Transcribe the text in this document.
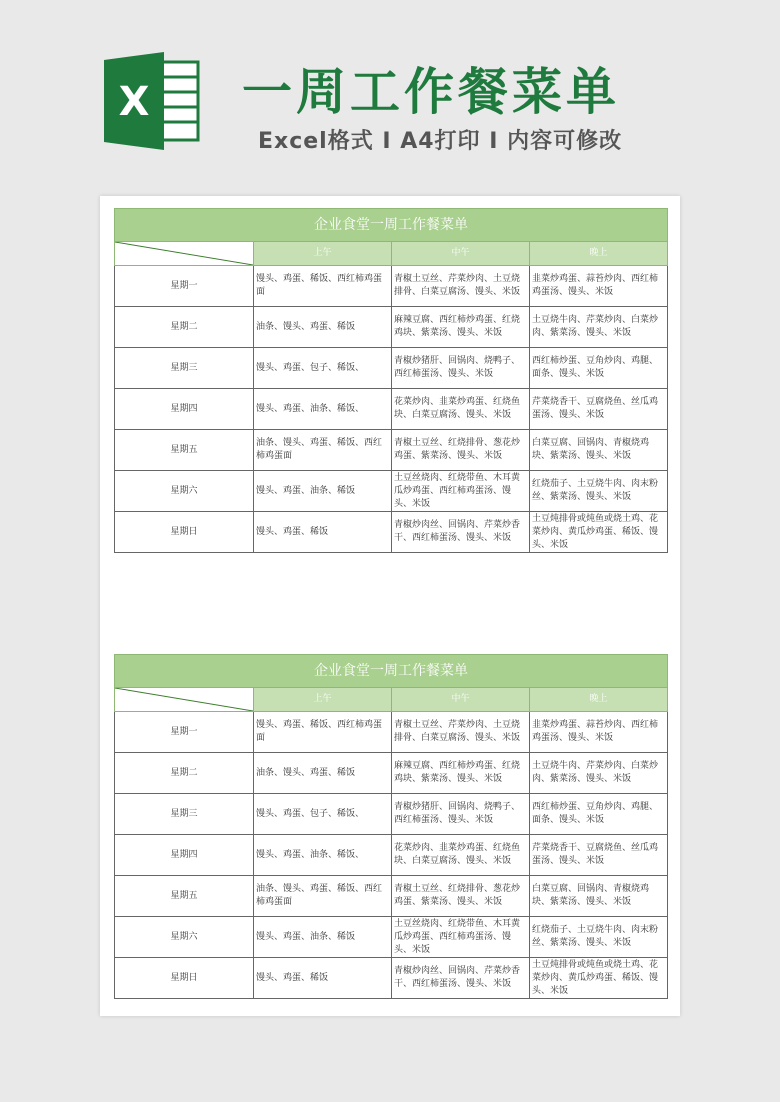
X 一周工作餐菜单
Excel格式 I A4打印 I 内容可修改
企业食堂一周工作餐菜单			

	上午	中午	晚上
星期一	馒头、鸡蛋、稀饭、西红柿鸡蛋面	青椒土豆丝、芹菜炒肉、土豆烧排骨、白菜豆腐汤、馒头、米饭	韭菜炒鸡蛋、蒜苔炒肉、西红柿鸡蛋汤、馒头、米饭
星期二	油条、馒头、鸡蛋、稀饭	麻辣豆腐、西红柿炒鸡蛋、红烧鸡块、紫菜汤、馒头、米饭	土豆烧牛肉、芹菜炒肉、白菜炒肉、紫菜汤、馒头、米饭
星期三	馒头、鸡蛋、包子、稀饭、	青椒炒猪肝、回锅肉、烧鸭子、西红柿蛋汤、馒头、米饭	西红柿炒蛋、豆角炒肉、鸡腿、面条、馒头、米饭
星期四	馒头、鸡蛋、油条、稀饭、	花菜炒肉、韭菜炒鸡蛋、红烧鱼块、白菜豆腐汤、馒头、米饭	芹菜烧香干、豆腐烧鱼、丝瓜鸡蛋汤、馒头、米饭
星期五	油条、馒头、鸡蛋、稀饭、西红柿鸡蛋面	青椒土豆丝、红烧排骨、葱花炒鸡蛋、紫菜汤、馒头、米饭	白菜豆腐、回锅肉、青椒烧鸡块、紫菜汤、馒头、米饭
星期六	馒头、鸡蛋、油条、稀饭	土豆丝烧肉、红烧带鱼、木耳黄瓜炒鸡蛋、西红柿鸡蛋汤、馒头、米饭	红烧茄子、土豆烧牛肉、肉末粉丝、紫菜汤、馒头、米饭
星期日	馒头、鸡蛋、稀饭	青椒炒肉丝、回锅肉、芹菜炒香干、西红柿蛋汤、馒头、米饭	土豆炖排骨或炖鱼或烧土鸡、花菜炒肉、黄瓜炒鸡蛋、稀饭、馒头、米饭
企业食堂一周工作餐菜单			

	上午	中午	晚上
星期一	馒头、鸡蛋、稀饭、西红柿鸡蛋面	青椒土豆丝、芹菜炒肉、土豆烧排骨、白菜豆腐汤、馒头、米饭	韭菜炒鸡蛋、蒜苔炒肉、西红柿鸡蛋汤、馒头、米饭
星期二	油条、馒头、鸡蛋、稀饭	麻辣豆腐、西红柿炒鸡蛋、红烧鸡块、紫菜汤、馒头、米饭	土豆烧牛肉、芹菜炒肉、白菜炒肉、紫菜汤、馒头、米饭
星期三	馒头、鸡蛋、包子、稀饭、	青椒炒猪肝、回锅肉、烧鸭子、西红柿蛋汤、馒头、米饭	西红柿炒蛋、豆角炒肉、鸡腿、面条、馒头、米饭
星期四	馒头、鸡蛋、油条、稀饭、	花菜炒肉、韭菜炒鸡蛋、红烧鱼块、白菜豆腐汤、馒头、米饭	芹菜烧香干、豆腐烧鱼、丝瓜鸡蛋汤、馒头、米饭
星期五	油条、馒头、鸡蛋、稀饭、西红柿鸡蛋面	青椒土豆丝、红烧排骨、葱花炒鸡蛋、紫菜汤、馒头、米饭	白菜豆腐、回锅肉、青椒烧鸡块、紫菜汤、馒头、米饭
星期六	馒头、鸡蛋、油条、稀饭	土豆丝烧肉、红烧带鱼、木耳黄瓜炒鸡蛋、西红柿鸡蛋汤、馒头、米饭	红烧茄子、土豆烧牛肉、肉末粉丝、紫菜汤、馒头、米饭
星期日	馒头、鸡蛋、稀饭	青椒炒肉丝、回锅肉、芹菜炒香干、西红柿蛋汤、馒头、米饭	土豆炖排骨或炖鱼或烧土鸡、花菜炒肉、黄瓜炒鸡蛋、稀饭、馒头、米饭
